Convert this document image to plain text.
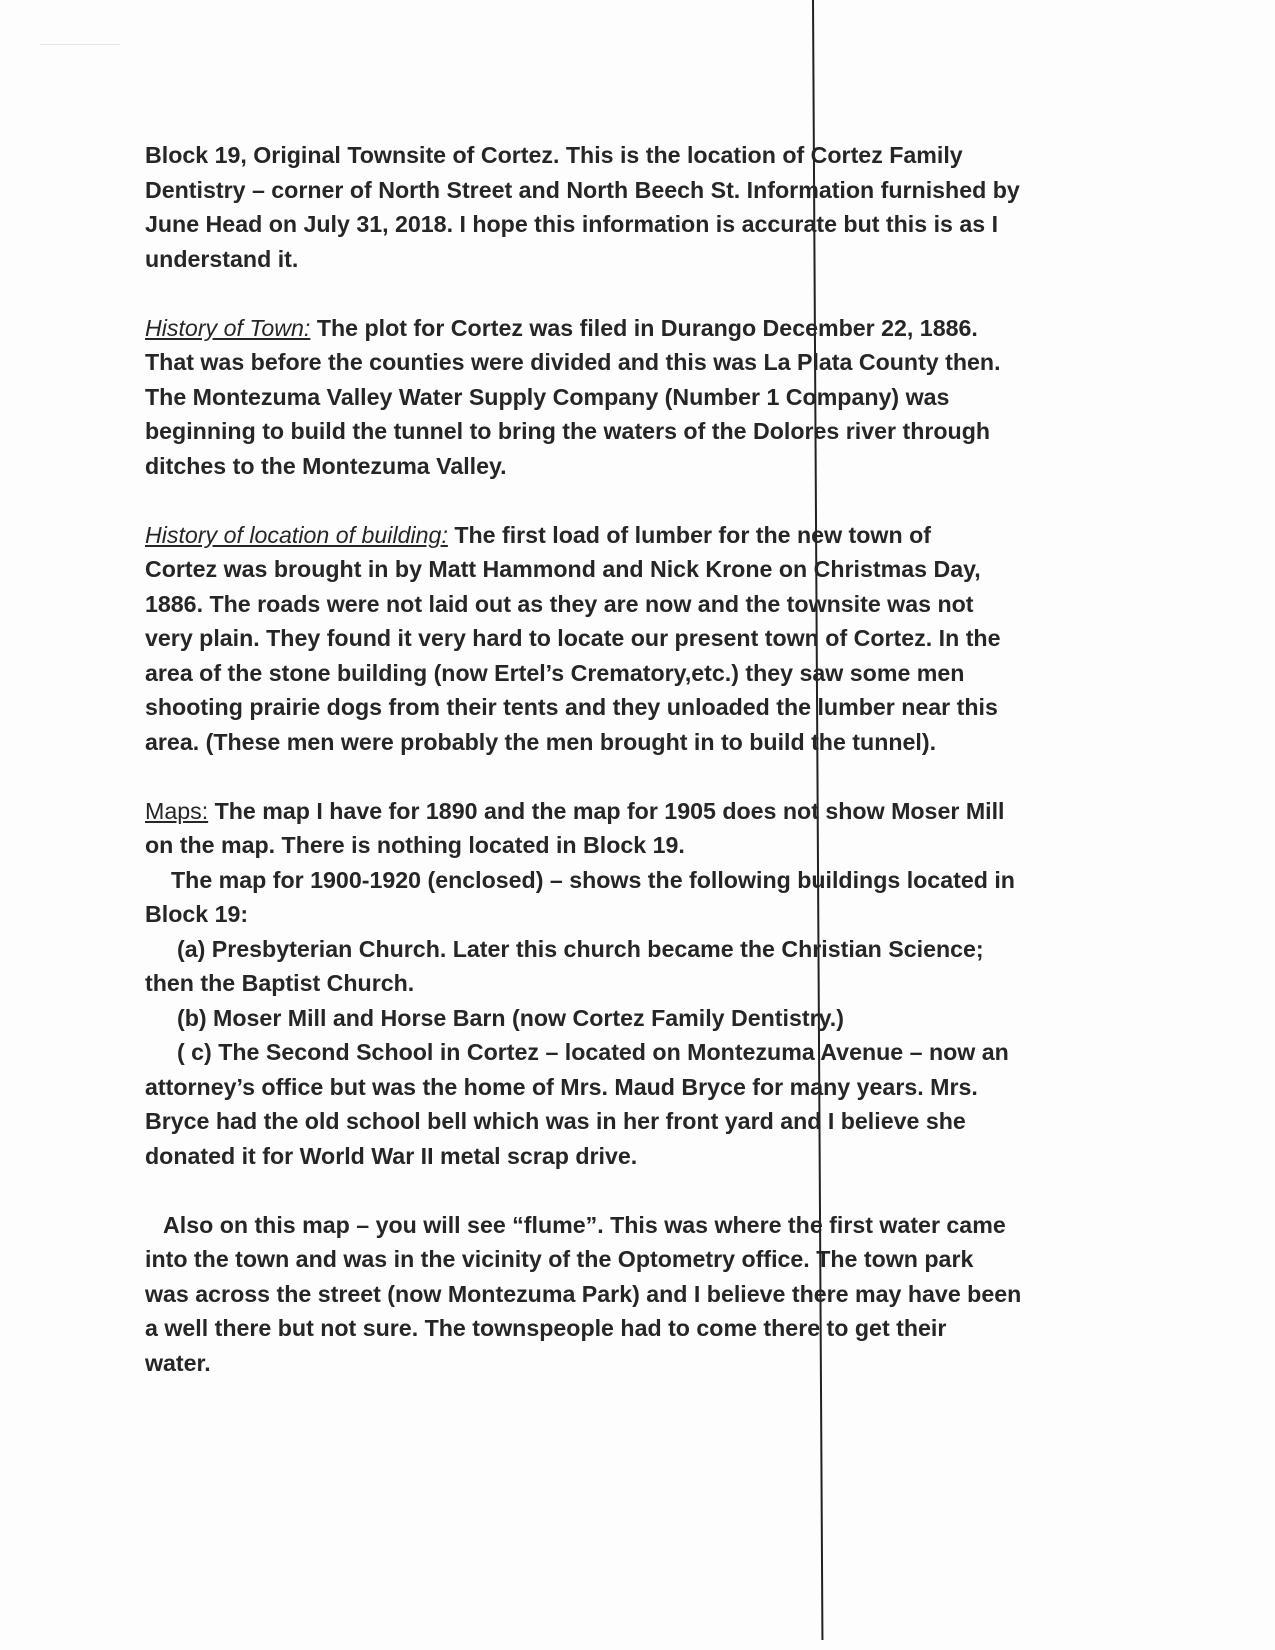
Block 19, Original Townsite of Cortez. This is the location of Cortez Family
Dentistry – corner of North Street and North Beech St. Information furnished by
June Head on July 31, 2018. I hope this information is accurate but this is as I
understand it.
History of Town: The plot for Cortez was filed in Durango December 22, 1886.
That was before the counties were divided and this was La Plata County then.
The Montezuma Valley Water Supply Company (Number 1 Company) was
beginning to build the tunnel to bring the waters of the Dolores river through
ditches to the Montezuma Valley.
History of location of building: The first load of lumber for the new town of
Cortez was brought in by Matt Hammond and Nick Krone on Christmas Day,
1886. The roads were not laid out as they are now and the townsite was not
very plain. They found it very hard to locate our present town of Cortez. In the
area of the stone building (now Ertel’s Crematory,etc.) they saw some men
shooting prairie dogs from their tents and they unloaded the lumber near this
area. (These men were probably the men brought in to build the tunnel).
Maps: The map I have for 1890 and the map for 1905 does not show Moser Mill
on the map. There is nothing located in Block 19.
The map for 1900-1920 (enclosed) – shows the following buildings located in
Block 19:
(a) Presbyterian Church. Later this church became the Christian Science;
then the Baptist Church.
(b) Moser Mill and Horse Barn (now Cortez Family Dentistry.)
( c) The Second School in Cortez – located on Montezuma Avenue – now an
attorney’s office but was the home of Mrs. Maud Bryce for many years. Mrs.
Bryce had the old school bell which was in her front yard and I believe she
donated it for World War II metal scrap drive.
Also on this map – you will see “flume”. This was where the first water came
into the town and was in the vicinity of the Optometry office. The town park
was across the street (now Montezuma Park) and I believe there may have been
a well there but not sure. The townspeople had to come there to get their
water.
